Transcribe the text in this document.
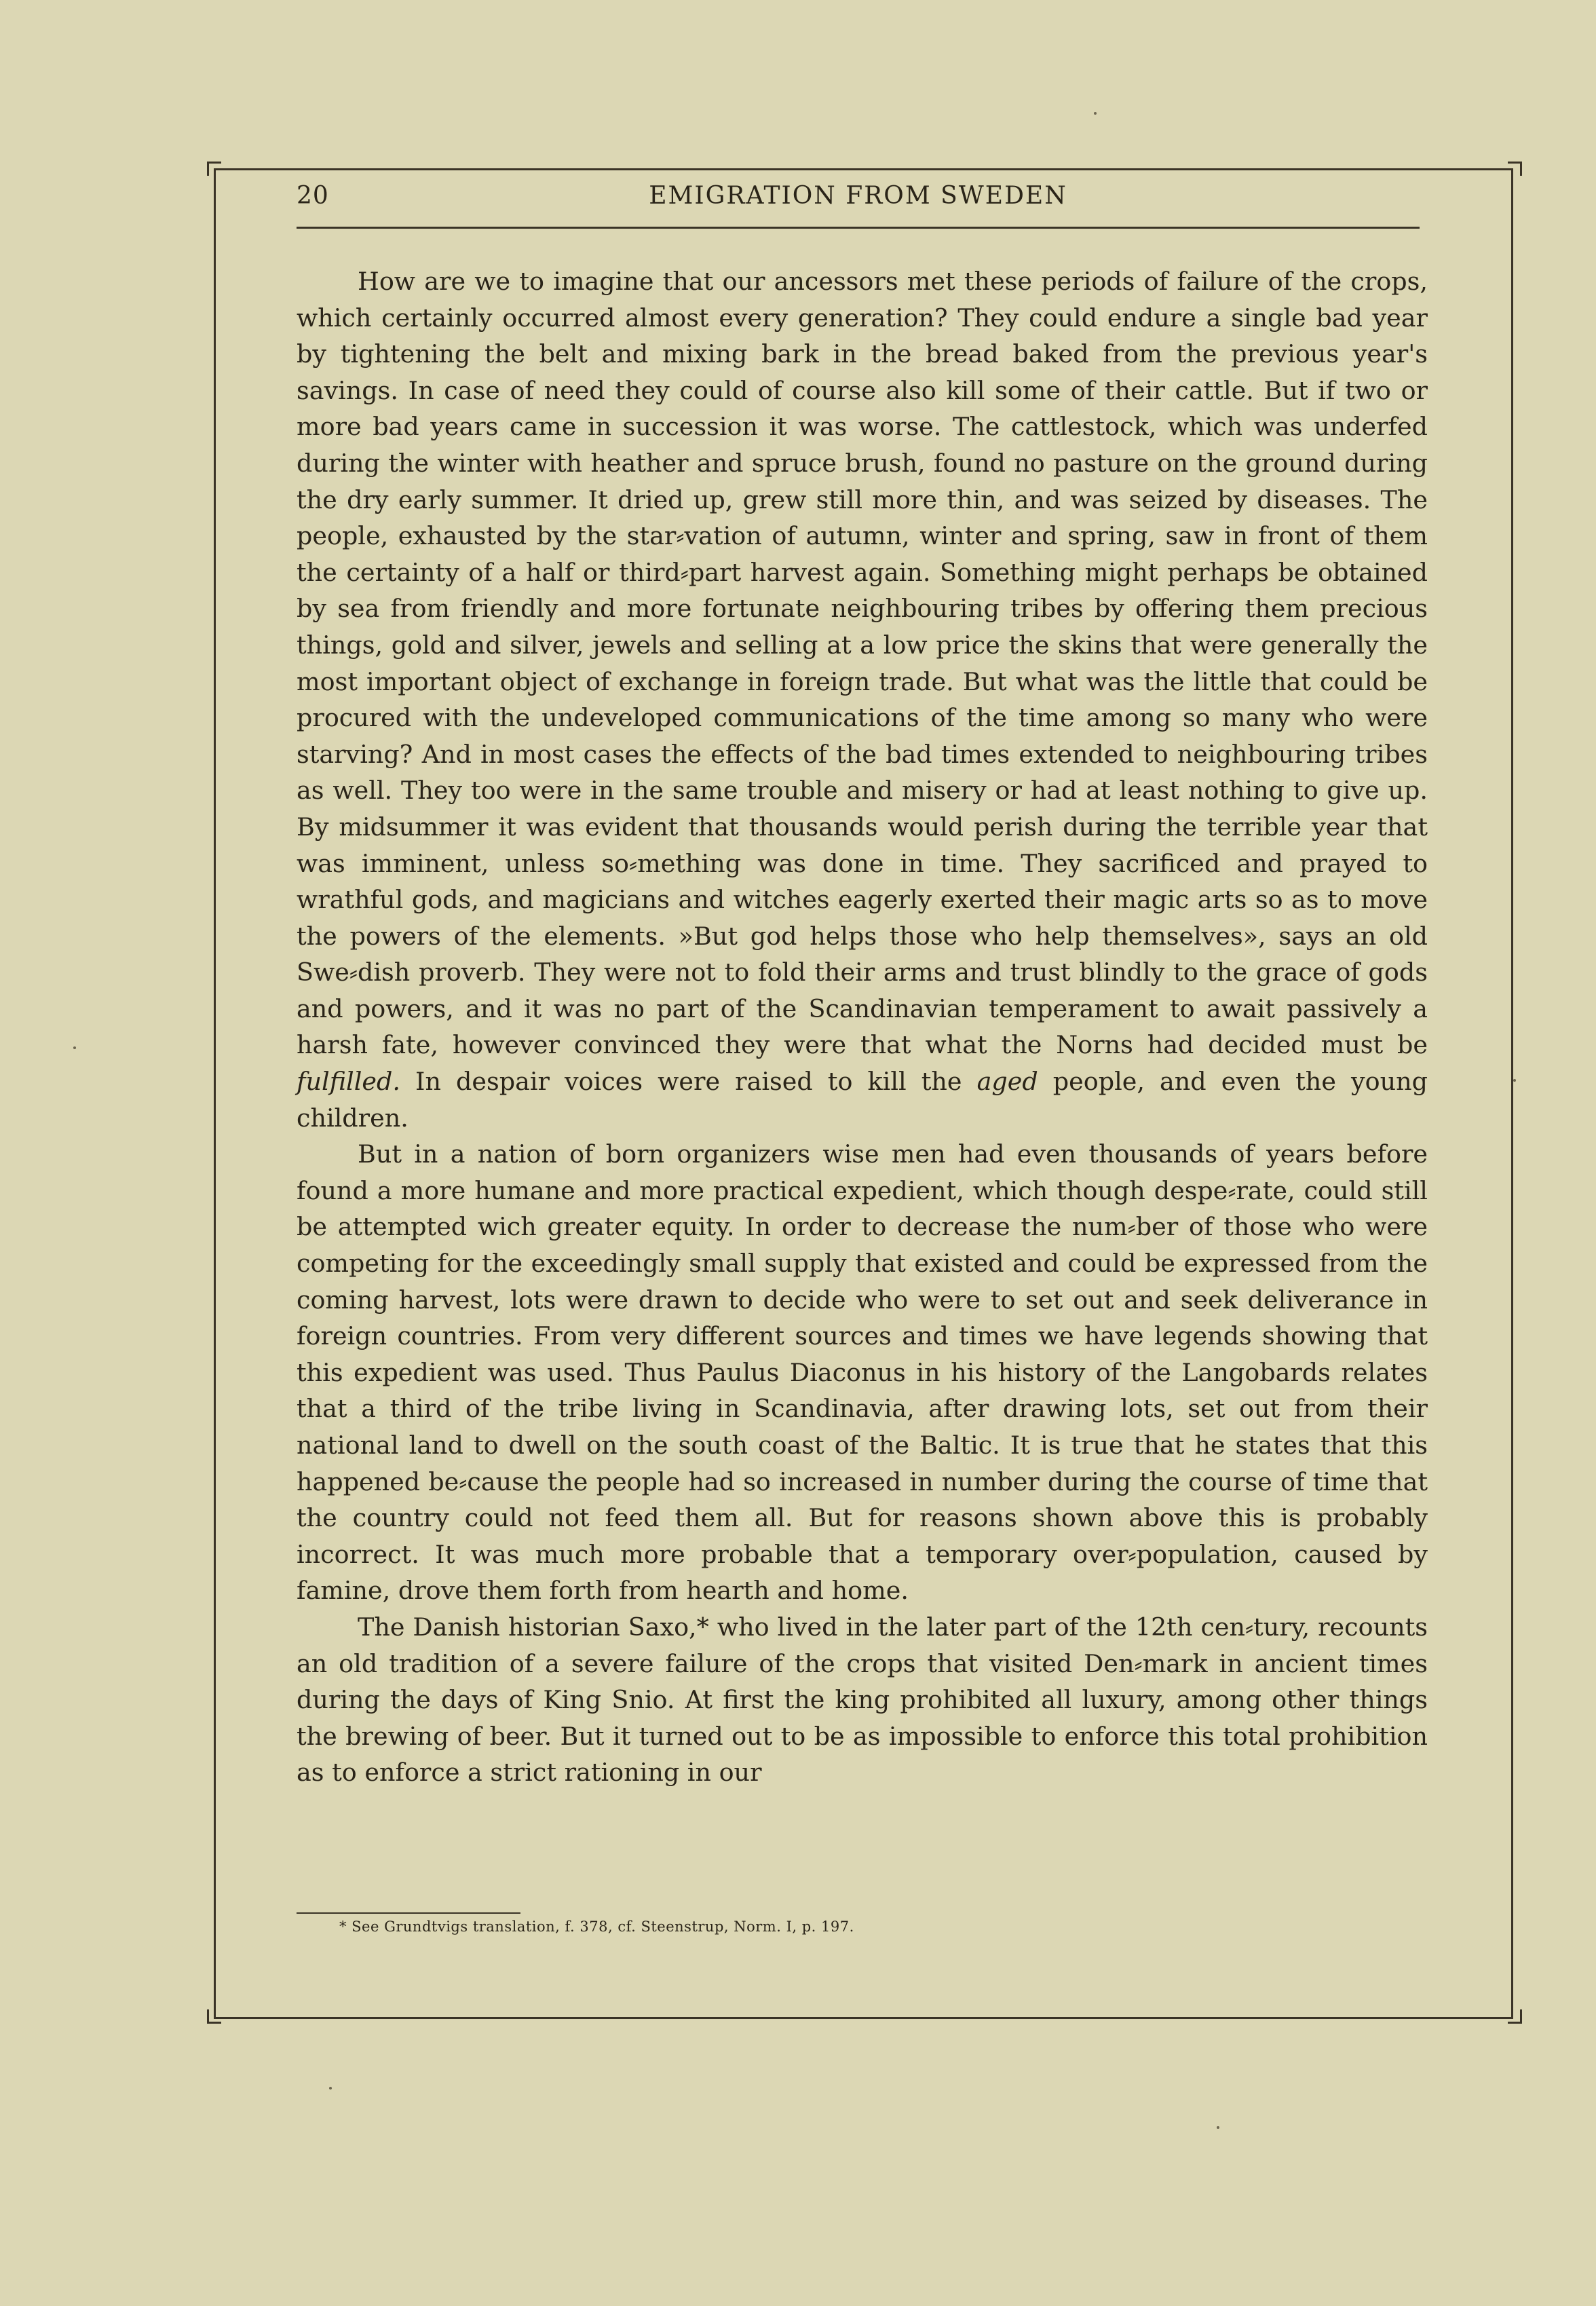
20	EMIGRATION FROM SWEDEN

How are we to imagine that our ancessors met these periods of failure of the crops, which certainly occurred almost every generation? They could endure a single bad year by tightening the belt and mixing bark in the bread baked from the previous year's savings. In case of need they could of course also kill some of their cattle. But if two or more bad years came in succession it was worse. The cattlestock, which was underfed during the winter with heather and spruce brush, found no pasture on the ground during the dry early summer. It dried up, grew still more thin, and was seized by diseases. The people, exhausted by the star⸗vation of autumn, winter and spring, saw in front of them the certainty of a half or third⸗part harvest again. Something might perhaps be obtained by sea from friendly and more fortunate neighbouring tribes by offering them precious things, gold and silver, jewels and selling at a low price the skins that were generally the most important object of exchange in foreign trade. But what was the little that could be procured with the undeveloped communications of the time among so many who were starving? And in most cases the effects of the bad times extended to neighbouring tribes as well. They too were in the same trouble and misery or had at least nothing to give up. By midsummer it was evident that thousands would perish during the terrible year that was imminent, unless so⸗mething was done in time. They sacrificed and prayed to wrathful gods, and magicians and witches eagerly exerted their magic arts so as to move the powers of the elements. »But god helps those who help themselves», says an old Swe⸗dish proverb. They were not to fold their arms and trust blindly to the grace of gods and powers, and it was no part of the Scandinavian temperament to await passively a harsh fate, however convinced they were that what the Norns had decided must be fulfilled. In despair voices were raised to kill the aged people, and even the young children.

But in a nation of born organizers wise men had even thousands of years before found a more humane and more practical expedient, which though despe⸗rate, could still be attempted wich greater equity. In order to decrease the num⸗ber of those who were competing for the exceedingly small supply that existed and could be expressed from the coming harvest, lots were drawn to decide who were to set out and seek deliverance in foreign countries. From very different sources and times we have legends showing that this expedient was used. Thus Paulus Diaconus in his history of the Langobards relates that a third of the tribe living in Scandinavia, after drawing lots, set out from their national land to dwell on the south coast of the Baltic. It is true that he states that this happened be⸗cause the people had so increased in number during the course of time that the country could not feed them all. But for reasons shown above this is probably incorrect. It was much more probable that a temporary over⸗population, caused by famine, drove them forth from hearth and home.

The Danish historian Saxo,* who lived in the later part of the 12th cen⸗tury, recounts an old tradition of a severe failure of the crops that visited Den⸗mark in ancient times during the days of King Snio. At first the king prohibited all luxury, among other things the brewing of beer. But it turned out to be as impossible to enforce this total prohibition as to enforce a strict rationing in our

* See Grundtvigs translation, f. 378, cf. Steenstrup, Norm. I, p. 197.
